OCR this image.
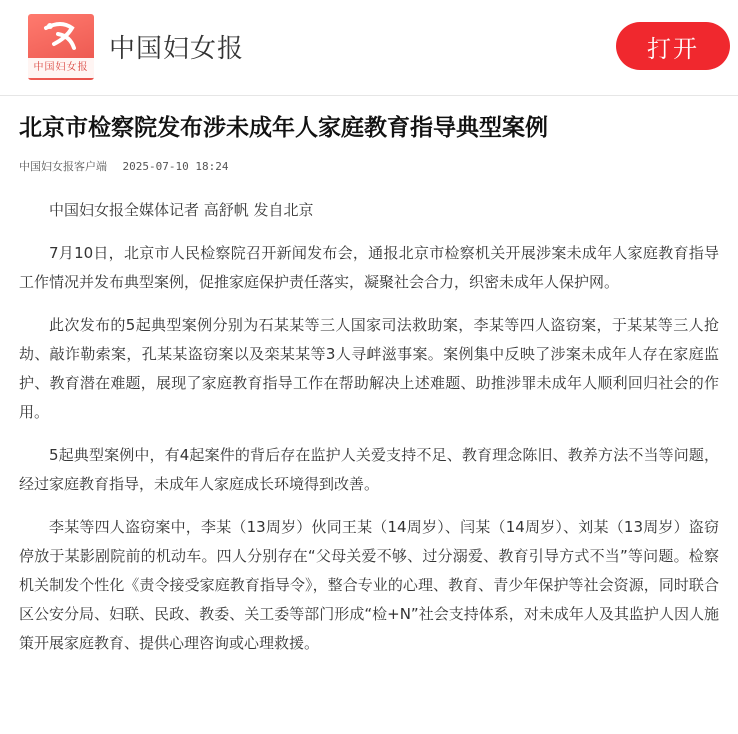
中国妇女报
中国妇女报	打开
北京市检察院发布涉未成年人家庭教育指导典型案例
中国妇女报客户端 2025-07-10 18:24

中国妇女报全媒体记者 高舒帆 发自北京

7月10日，北京市人民检察院召开新闻发布会，通报北京市检察机关开展涉案未成年人家庭教育指导工作情况并发布典型案例，促推家庭保护责任落实，凝聚社会合力，织密未成年人保护网。

此次发布的5起典型案例分别为石某某等三人国家司法救助案，李某等四人盗窃案，于某某等三人抢劫、敲诈勒索案，孔某某盗窃案以及栾某某等3人寻衅滋事案。案例集中反映了涉案未成年人存在家庭监护、教育潜在难题，展现了家庭教育指导工作在帮助解决上述难题、助推涉罪未成年人顺利回归社会的作用。

5起典型案例中，有4起案件的背后存在监护人关爱支持不足、教育理念陈旧、教养方法不当等问题，经过家庭教育指导，未成年人家庭成长环境得到改善。

李某等四人盗窃案中，李某（13周岁）伙同王某（14周岁）、闫某（14周岁）、刘某（13周岁）盗窃停放于某影剧院前的机动车。四人分别存在“父母关爱不够、过分溺爱、教育引导方式不当”等问题。检察机关制发个性化《责令接受家庭教育指导令》，整合专业的心理、教育、青少年保护等社会资源，同时联合区公安分局、妇联、民政、教委、关工委等部门形成“检+N”社会支持体系，对未成年人及其监护人因人施策开展家庭教育、提供心理咨询或心理救援。
